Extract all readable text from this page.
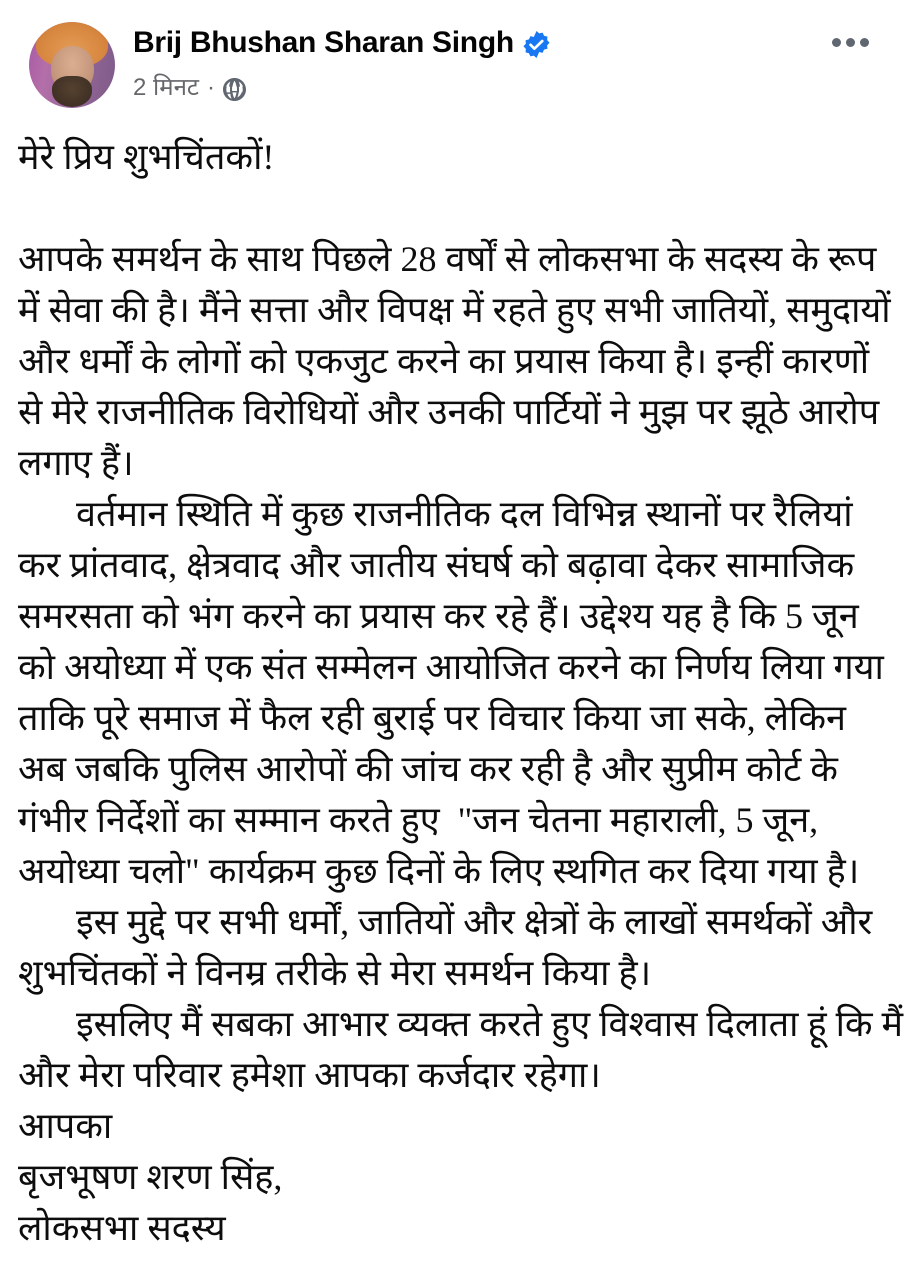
Brij Bhushan Sharan Singh
2 मिनट ·
मेरे प्रिय शुभचिंतकों!
आपके समर्थन के साथ पिछले 28 वर्षों से लोकसभा के सदस्य के रूप
में सेवा की है। मैंने सत्ता और विपक्ष में रहते हुए सभी जातियों, समुदायों
और धर्मों के लोगों को एकजुट करने का प्रयास किया है। इन्हीं कारणों
से मेरे राजनीतिक विरोधियों और उनकी पार्टियों ने मुझ पर झूठे आरोप
लगाए हैं।
वर्तमान स्थिति में कुछ राजनीतिक दल विभिन्न स्थानों पर रैलियां
कर प्रांतवाद, क्षेत्रवाद और जातीय संघर्ष को बढ़ावा देकर सामाजिक
समरसता को भंग करने का प्रयास कर रहे हैं। उद्देश्य यह है कि 5 जून
को अयोध्या में एक संत सम्मेलन आयोजित करने का निर्णय लिया गया
ताकि पूरे समाज में फैल रही बुराई पर विचार किया जा सके, लेकिन
अब जबकि पुलिस आरोपों की जांच कर रही है और सुप्रीम कोर्ट के
गंभीर निर्देशों का सम्मान करते हुए  "जन चेतना महाराली, 5 जून,
अयोध्या चलो" कार्यक्रम कुछ दिनों के लिए स्थगित कर दिया गया है।
इस मुद्दे पर सभी धर्मों, जातियों और क्षेत्रों के लाखों समर्थकों और
शुभचिंतकों ने विनम्र तरीके से मेरा समर्थन किया है।
इसलिए मैं सबका आभार व्यक्त करते हुए विश्वास दिलाता हूं कि मैं
और मेरा परिवार हमेशा आपका कर्जदार रहेगा।
आपका
बृजभूषण शरण सिंह,
लोकसभा सदस्य
